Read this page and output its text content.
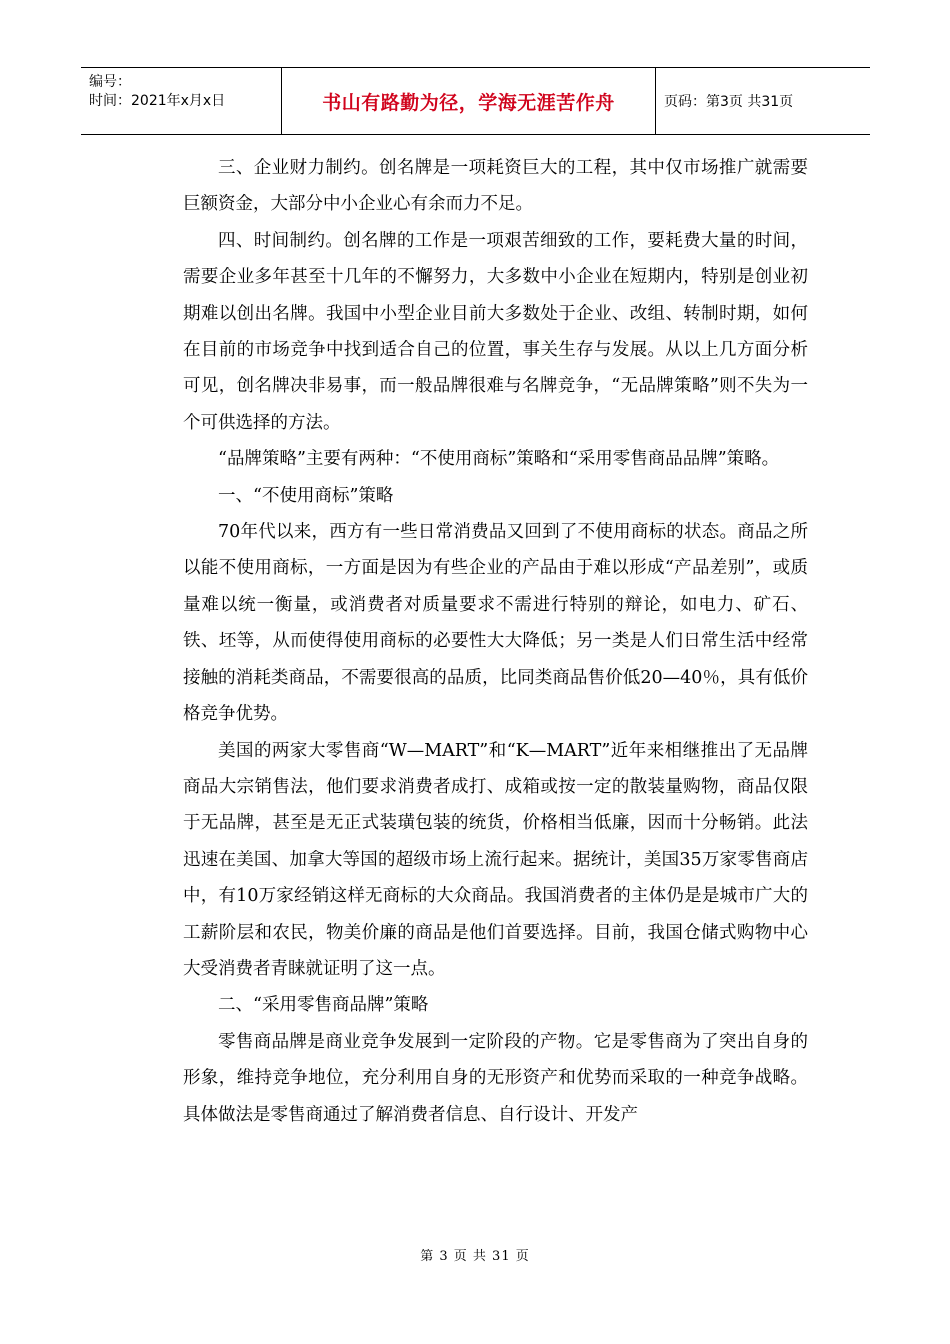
编号：
时间：2021年x月x日	书山有路勤为径，学海无涯苦作舟	页码：第3页 共31页

三、企业财力制约。创名牌是一项耗资巨大的工程，其中仅市场推广就需要巨额资金，大部分中小企业心有余而力不足。

四、时间制约。创名牌的工作是一项艰苦细致的工作，要耗费大量的时间，需要企业多年甚至十几年的不懈努力，大多数中小企业在短期内，特别是创业初期难以创出名牌。我国中小型企业目前大多数处于企业、改组、转制时期，如何在目前的市场竞争中找到适合自己的位置，事关生存与发展。从以上几方面分析可见，创名牌决非易事，而一般品牌很难与名牌竞争，“无品牌策略”则不失为一个可供选择的方法。

“品牌策略”主要有两种：“不使用商标”策略和“采用零售商品品牌”策略。

一、“不使用商标”策略

70年代以来，西方有一些日常消费品又回到了不使用商标的状态。商品之所以能不使用商标，一方面是因为有些企业的产品由于难以形成“产品差别”，或质量难以统一衡量，或消费者对质量要求不需进行特别的辩论，如电力、矿石、铁、坯等，从而使得使用商标的必要性大大降低；另一类是人们日常生活中经常接触的消耗类商品，不需要很高的品质，比同类商品售价低20—40％，具有低价格竞争优势。

美国的两家大零售商“W—MART”和“K—MART”近年来相继推出了无品牌商品大宗销售法，他们要求消费者成打、成箱或按一定的散装量购物，商品仅限于无品牌，甚至是无正式装璜包装的统货，价格相当低廉，因而十分畅销。此法迅速在美国、加拿大等国的超级市场上流行起来。据统计，美国35万家零售商店中，有10万家经销这样无商标的大众商品。我国消费者的主体仍是是城市广大的工薪阶层和农民，物美价廉的商品是他们首要选择。目前，我国仓储式购物中心大受消费者青睐就证明了这一点。

二、“采用零售商品牌”策略

零售商品牌是商业竞争发展到一定阶段的产物。它是零售商为了突出自身的形象，维持竞争地位，充分利用自身的无形资产和优势而采取的一种竞争战略。具体做法是零售商通过了解消费者信息、自行设计、开发产

第 3 页 共 31 页
